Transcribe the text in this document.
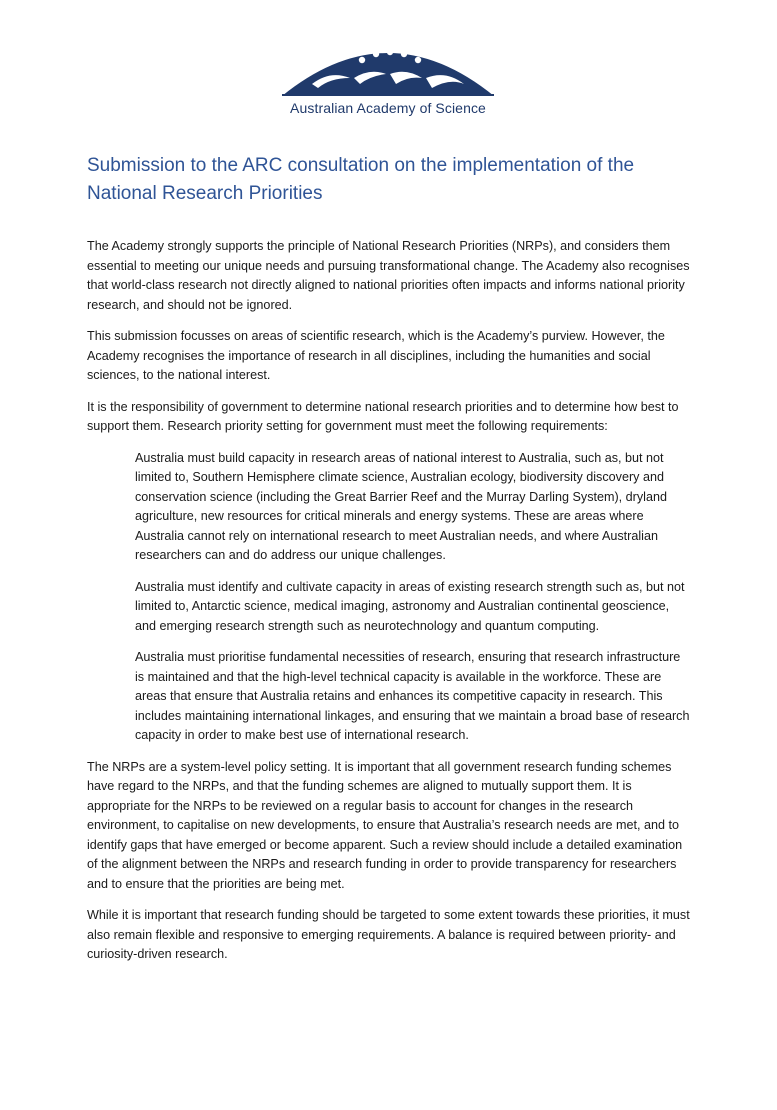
Australian Academy of Science
Submission to the ARC consultation on the implementation of the National Research Priorities

The Academy strongly supports the principle of National Research Priorities (NRPs), and considers them essential to meeting our unique needs and pursuing transformational change. The Academy also recognises that world-class research not directly aligned to national priorities often impacts and informs national priority research, and should not be ignored.

This submission focusses on areas of scientific research, which is the Academy’s purview. However, the Academy recognises the importance of research in all disciplines, including the humanities and social sciences, to the national interest.

It is the responsibility of government to determine national research priorities and to determine how best to support them. Research priority setting for government must meet the following requirements:

Australia must build capacity in research areas of national interest to Australia, such as, but not limited to, Southern Hemisphere climate science, Australian ecology, biodiversity discovery and conservation science (including the Great Barrier Reef and the Murray Darling System), dryland agriculture, new resources for critical minerals and energy systems. These are areas where Australia cannot rely on international research to meet Australian needs, and where Australian researchers can and do address our unique challenges.

Australia must identify and cultivate capacity in areas of existing research strength such as, but not limited to, Antarctic science, medical imaging, astronomy and Australian continental geoscience, and emerging research strength such as neurotechnology and quantum computing.

Australia must prioritise fundamental necessities of research, ensuring that research infrastructure is maintained and that the high-level technical capacity is available in the workforce. These are areas that ensure that Australia retains and enhances its competitive capacity in research. This includes maintaining international linkages, and ensuring that we maintain a broad base of research capacity in order to make best use of international research.

The NRPs are a system-level policy setting. It is important that all government research funding schemes have regard to the NRPs, and that the funding schemes are aligned to mutually support them. It is appropriate for the NRPs to be reviewed on a regular basis to account for changes in the research environment, to capitalise on new developments, to ensure that Australia’s research needs are met, and to identify gaps that have emerged or become apparent. Such a review should include a detailed examination of the alignment between the NRPs and research funding in order to provide transparency for researchers and to ensure that the priorities are being met.

While it is important that research funding should be targeted to some extent towards these priorities, it must also remain flexible and responsive to emerging requirements. A balance is required between priority- and curiosity-driven research.
